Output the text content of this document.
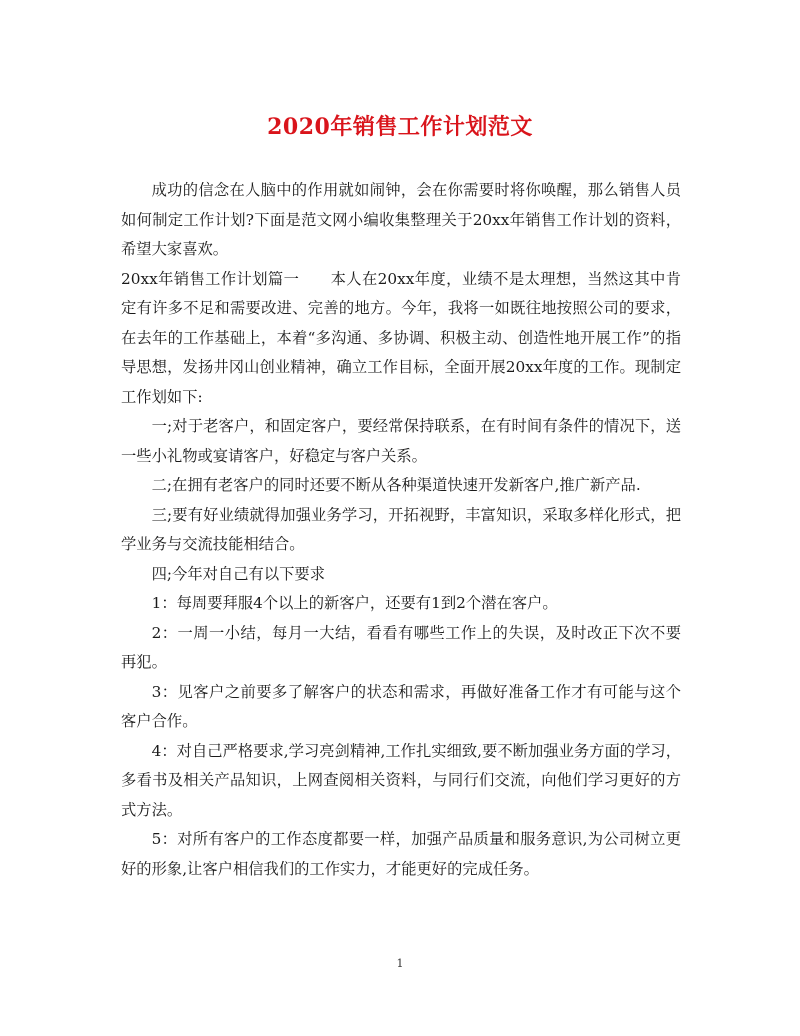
2020年销售工作计划范文

成功的信念在人脑中的作用就如闹钟，会在你需要时将你唤醒，那么销售人员如何制定工作计划?下面是范文网小编收集整理关于20xx年销售工作计划的资料，希望大家喜欢。

20xx年销售工作计划篇一　　本人在20xx年度，业绩不是太理想，当然这其中肯定有许多不足和需要改进、完善的地方。今年，我将一如既往地按照公司的要求，在去年的工作基础上，本着“多沟通、多协调、积极主动、创造性地开展工作”的指导思想，发扬井冈山创业精神，确立工作目标，全面开展20xx年度的工作。现制定工作划如下:

一;对于老客户，和固定客户，要经常保持联系，在有时间有条件的情况下，送一些小礼物或宴请客户，好稳定与客户关系。

二;在拥有老客户的同时还要不断从各种渠道快速开发新客户,推广新产品.

三;要有好业绩就得加强业务学习，开拓视野，丰富知识，采取多样化形式，把学业务与交流技能相结合。

四;今年对自己有以下要求

1：每周要拜服4个以上的新客户，还要有1到2个潜在客户。

2：一周一小结，每月一大结，看看有哪些工作上的失误，及时改正下次不要再犯。

3：见客户之前要多了解客户的状态和需求，再做好准备工作才有可能与这个客户合作。

4：对自己严格要求,学习亮剑精神,工作扎实细致,要不断加强业务方面的学习，多看书及相关产品知识，上网查阅相关资料，与同行们交流，向他们学习更好的方式方法。

5：对所有客户的工作态度都要一样，加强产品质量和服务意识,为公司树立更好的形象,让客户相信我们的工作实力，才能更好的完成任务。

1
